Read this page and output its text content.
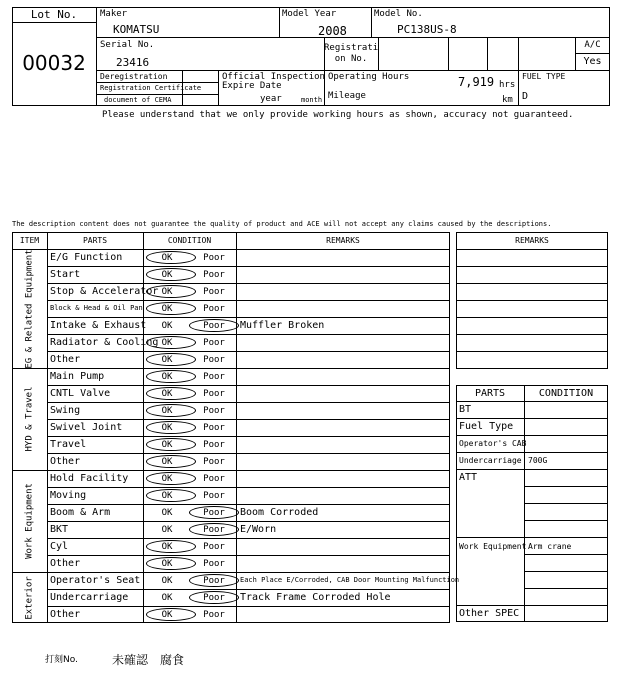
Lot No.
00032
Maker
KOMATSU
Model Year
2008
Model No.
PC138US-8
Serial No.
23416
Registrati
on No.
A/C
Yes
Deregistration
Registration Certificate
document of CEMA
Official Inspection
Expire Date
year	month
Operating Hours	7,919 hrs
Mileage	km
FUEL TYPE
D
Please understand that we only provide working hours as shown, accuracy not guaranteed.
The description content does not guarantee the quality of product and ACE will not accept any claims caused by the descriptions.
ITEM	PARTS	CONDITION	REMARKS
E/G Function	OK	Poor
Start	OK	Poor
Stop & Accelerator OK	Poor
Block & Head & Oil Pan	OK	Poor
Intake & Exhaust	OK	Poor	Muffler Broken
Radiator & Cooling OK	Poor
Other	OK	Poor
EG & Related Equipment
Main Pump	OK	Poor
CNTL Valve	OK	Poor
Swing	OK	Poor
Swivel Joint	OK	Poor
Travel	OK	Poor
Other	OK	Poor
HYD & Travel
Hold Facility	OK	Poor
Moving	OK	Poor
Boom & Arm	OK	Poor	Boom Corroded
BKT	OK	Poor	E/Worn
Cyl	OK	Poor
Other	OK	Poor
Work Equipment
Operator's Seat	OK	Poor	Each Place E/Corroded, CAB Door Mounting Malfunction
Undercarriage	OK	Poor	Track Frame Corroded Hole
Other	OK	Poor
Exterior
REMARKS
PARTS	CONDITION
BT
Fuel Type
Operator's CAB
Undercarriage 700G
ATT
Work Equipment Arm crane
Other SPEC
打刻No.	未確認　腐食
